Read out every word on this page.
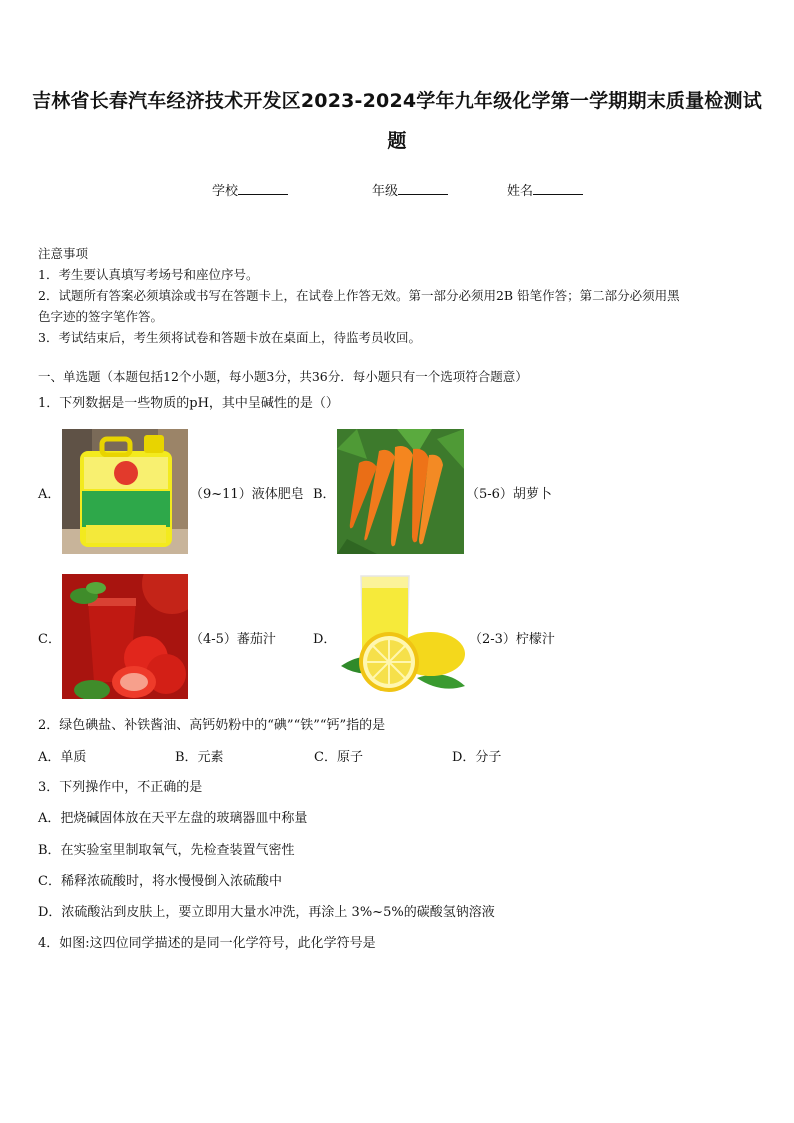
吉林省长春汽车经济技术开发区2023-2024学年九年级化学第一学期期末质量检测试
题
学校	年级	姓名
注意事项
1．考生要认真填写考场号和座位序号。
2．试题所有答案必须填涂或书写在答题卡上，在试卷上作答无效。第一部分必须用2B 铅笔作答；第二部分必须用黑
色字迹的签字笔作答。
3．考试结束后，考生须将试卷和答题卡放在桌面上，待监考员收回。
一、单选题（本题包括12个小题，每小题3分，共36分．每小题只有一个选项符合题意）
1．下列数据是一些物质的pH，其中呈碱性的是（）
A．	（9~11）液体肥皂 B．	（5-6）胡萝卜
C．	（4-5）蕃茄汁	D．	（2-3）柠檬汁
2．绿色碘盐、补铁酱油、高钙奶粉中的“碘”“铁”“钙”指的是
A．单质	B．元素	C．原子	D．分子
3．下列操作中，不正确的是
A．把烧碱固体放在天平左盘的玻璃器皿中称量
B．在实验室里制取氧气，先检查装置气密性
C．稀释浓硫酸时，将水慢慢倒入浓硫酸中
D．浓硫酸沾到皮肤上，要立即用大量水冲洗，再涂上 3%~5%的碳酸氢钠溶液
4．如图:这四位同学描述的是同一化学符号，此化学符号是
